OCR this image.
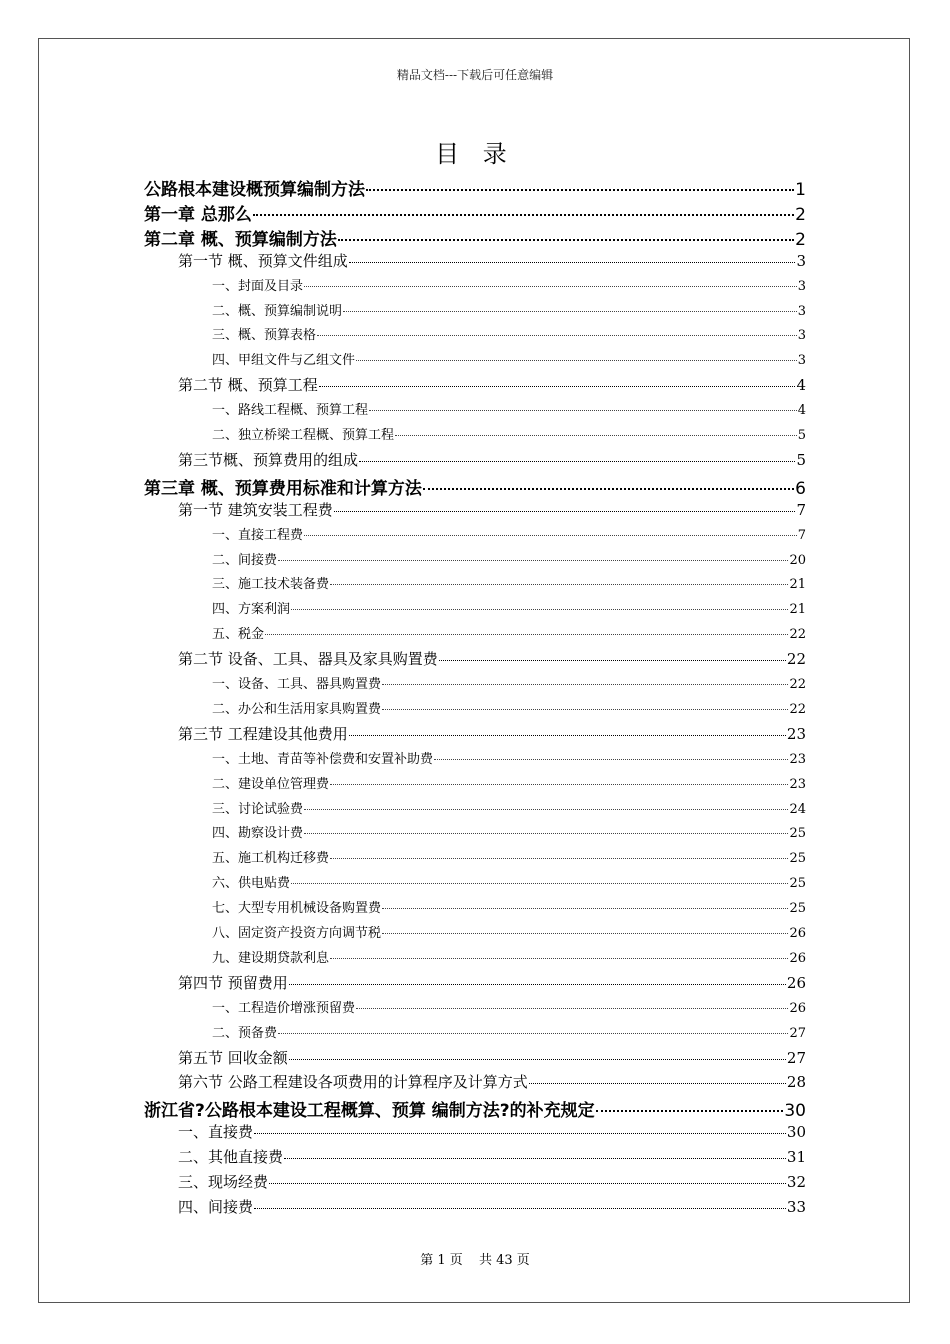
精品文档---下载后可任意编辑
目 录
公路根本建设概预算编制方法	1
第一章 总那么	2
第二章 概、预算编制方法	2
第一节 概、预算文件组成	3
一、封面及目录	3
二、概、预算编制说明	3
三、概、预算表格	3
四、甲组文件与乙组文件	3
第二节 概、预算工程	4
一、路线工程概、预算工程	4
二、独立桥梁工程概、预算工程	5
第三节概、预算费用的组成	5
第三章 概、预算费用标准和计算方法	6
第一节 建筑安装工程费	7
一、直接工程费	7
二、间接费	20
三、施工技术装备费	21
四、方案利润	21
五、税金	22
第二节 设备、工具、器具及家具购置费	22
一、设备、工具、器具购置费	22
二、办公和生活用家具购置费	22
第三节 工程建设其他费用	23
一、土地、青苗等补偿费和安置补助费	23
二、建设单位管理费	23
三、讨论试验费	24
四、勘察设计费	25
五、施工机构迁移费	25
六、供电贴费	25
七、大型专用机械设备购置费	25
八、固定资产投资方向调节税	26
九、建设期贷款利息	26
第四节 预留费用	26
一、工程造价增涨预留费	26
二、预备费	27
第五节 回收金额	27
第六节 公路工程建设各项费用的计算程序及计算方式	28
浙江省?公路根本建设工程概算、预算 编制方法?的补充规定	30
一、直接费	30
二、其他直接费	31
三、现场经费	32
四、间接费	33
第 1 页 共 43 页
